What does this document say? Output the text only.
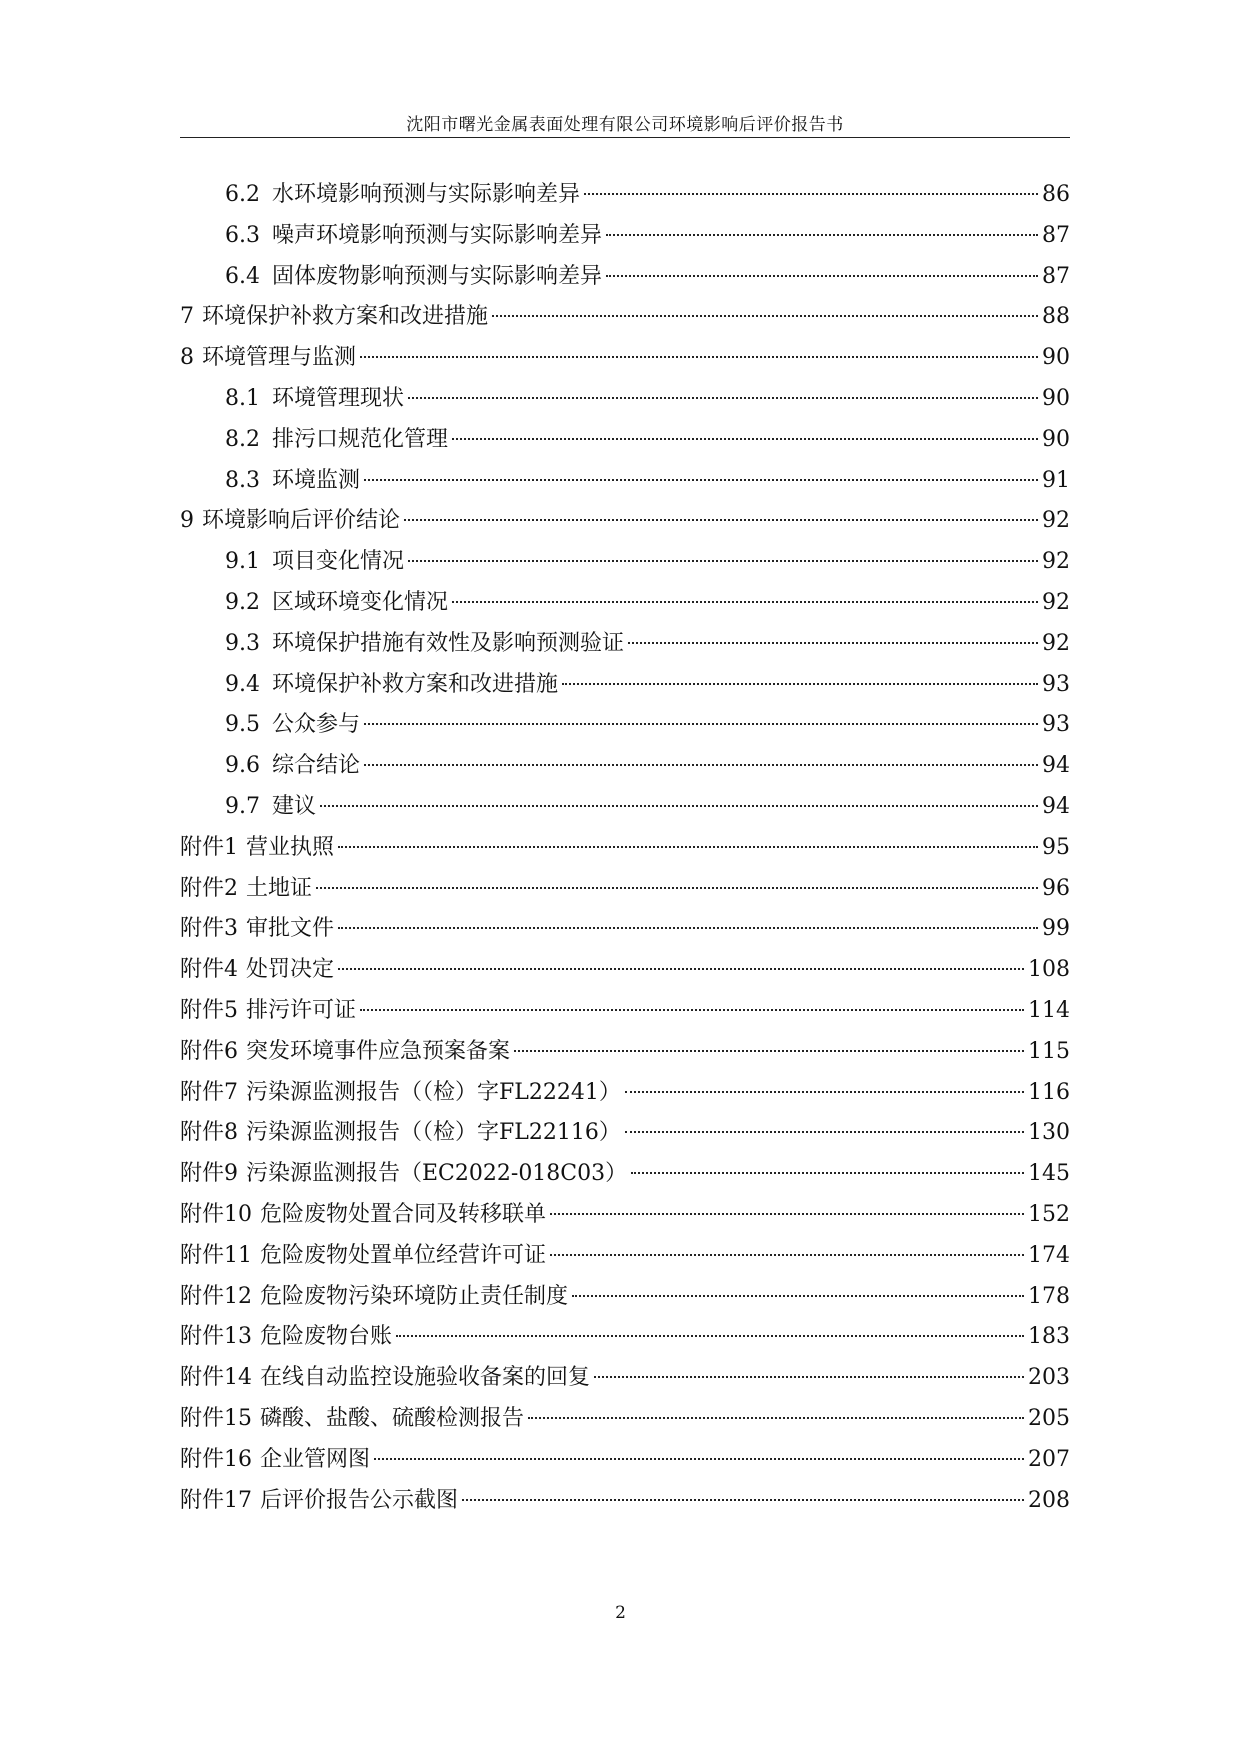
沈阳市曙光金属表面处理有限公司环境影响后评价报告书
6.2 水环境影响预测与实际影响差异	86
6.3 噪声环境影响预测与实际影响差异	87
6.4 固体废物影响预测与实际影响差异	87
7 环境保护补救方案和改进措施	88
8 环境管理与监测	90
8.1 环境管理现状	90
8.2 排污口规范化管理	90
8.3 环境监测	91
9 环境影响后评价结论	92
9.1 项目变化情况	92
9.2 区域环境变化情况	92
9.3 环境保护措施有效性及影响预测验证	92
9.4 环境保护补救方案和改进措施	93
9.5 公众参与	93
9.6 综合结论	94
9.7 建议	94
附件1 营业执照	95
附件2 土地证	96
附件3 审批文件	99
附件4 处罚决定	108
附件5 排污许可证	114
附件6 突发环境事件应急预案备案	115
附件7 污染源监测报告（（检）字FL22241）	116
附件8 污染源监测报告（（检）字FL22116）	130
附件9 污染源监测报告（EC2022-018C03）	145
附件10 危险废物处置合同及转移联单	152
附件11 危险废物处置单位经营许可证	174
附件12 危险废物污染环境防止责任制度	178
附件13 危险废物台账	183
附件14 在线自动监控设施验收备案的回复	203
附件15 磷酸、盐酸、硫酸检测报告	205
附件16 企业管网图	207
附件17 后评价报告公示截图	208
2
